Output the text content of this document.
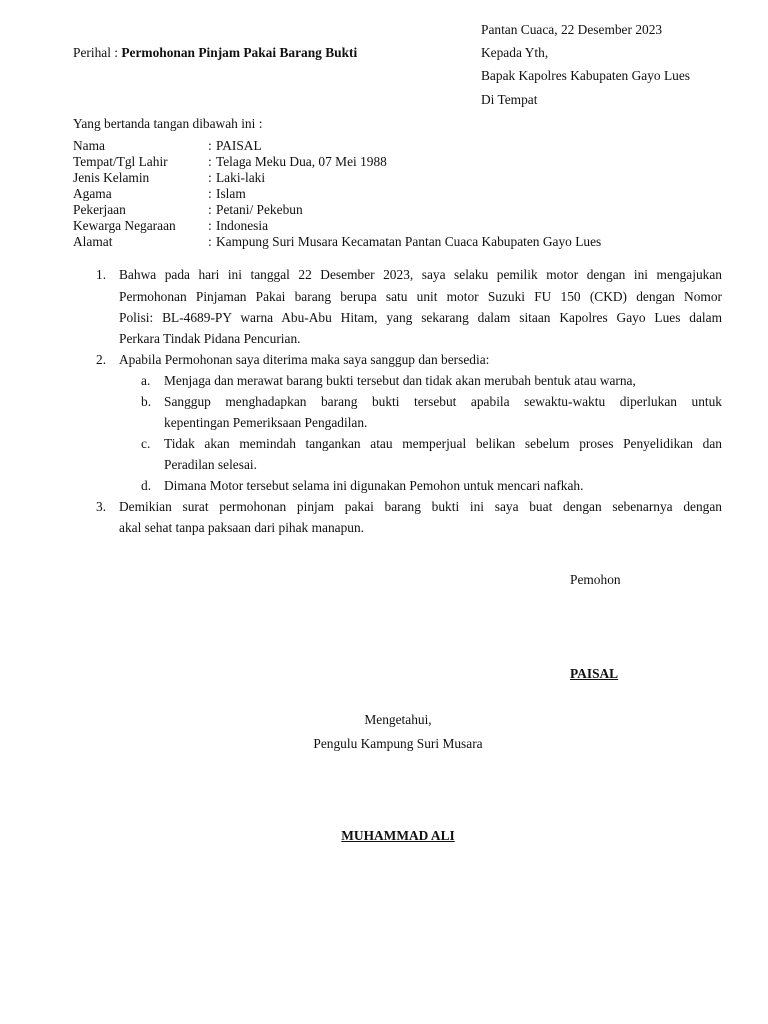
Pantan Cuaca, 22 Desember 2023
Kepada Yth,
Bapak Kapolres Kabupaten Gayo Lues
Di Tempat
Perihal : Permohonan Pinjam Pakai Barang Bukti
Yang bertanda tangan dibawah ini :
Nama	: PAISAL
Tempat/Tgl Lahir	: Telaga Meku Dua, 07 Mei 1988
Jenis Kelamin	: Laki-laki
Agama	: Islam
Pekerjaan	: Petani/ Pekebun
Kewarga Negaraan : Indonesia
Alamat	: Kampung Suri Musara Kecamatan Pantan Cuaca Kabupaten Gayo Lues
1. Bahwa pada hari ini tanggal 22 Desember 2023, saya selaku pemilik motor dengan ini mengajukan
Permohonan Pinjaman Pakai barang berupa satu unit motor Suzuki FU 150 (CKD) dengan Nomor
Polisi: BL-4689-PY warna Abu-Abu Hitam, yang sekarang dalam sitaan Kapolres Gayo Lues dalam
Perkara Tindak Pidana Pencurian.
2. Apabila Permohonan saya diterima maka saya sanggup dan bersedia:
a. Menjaga dan merawat barang bukti tersebut dan tidak akan merubah bentuk atau warna,
b. Sanggup menghadapkan barang bukti tersebut apabila sewaktu-waktu diperlukan untuk
kepentingan Pemeriksaan Pengadilan.
c. Tidak akan memindah tangankan atau memperjual belikan sebelum proses Penyelidikan dan
Peradilan selesai.
d. Dimana Motor tersebut selama ini digunakan Pemohon untuk mencari nafkah.
3. Demikian surat permohonan pinjam pakai barang bukti ini saya buat dengan sebenarnya dengan
akal sehat tanpa paksaan dari pihak manapun.
Pemohon
PAISAL
Mengetahui,
Pengulu Kampung Suri Musara
MUHAMMAD ALI
